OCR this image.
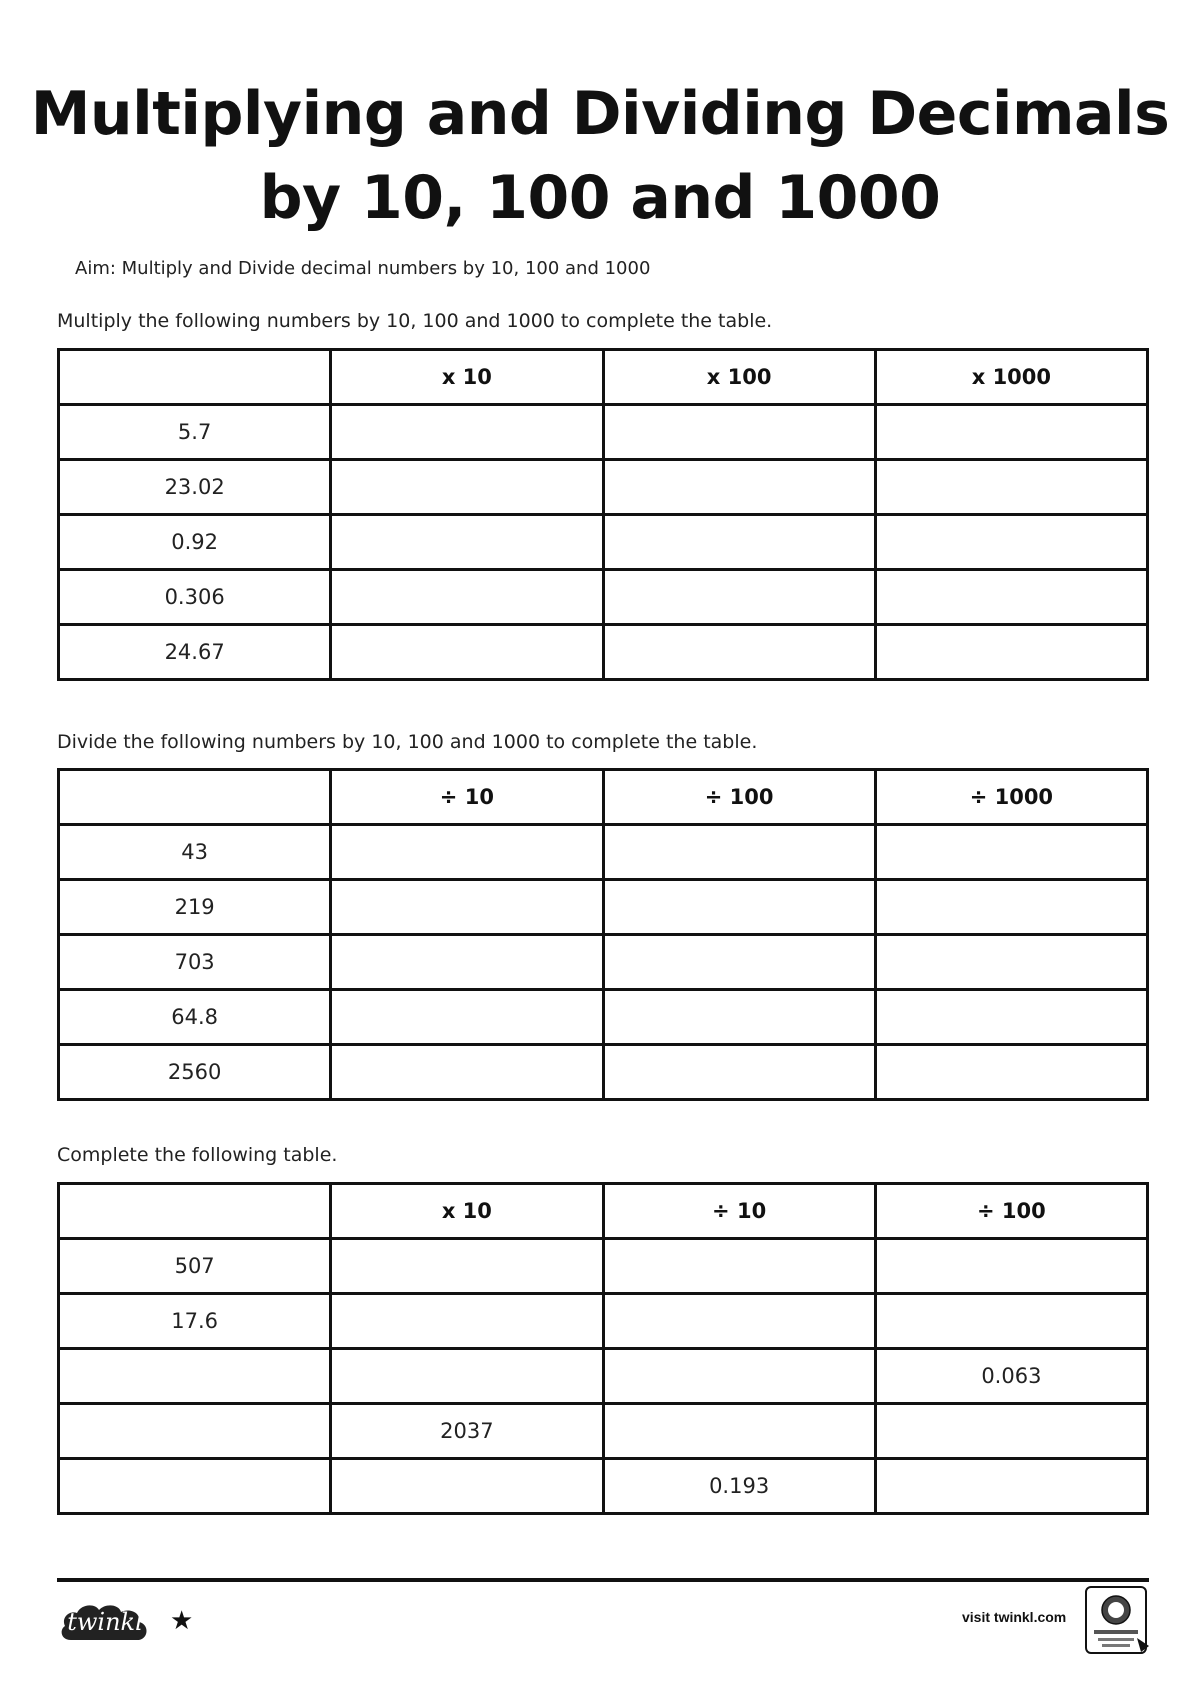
Multiplying and Dividing Decimals
by 10, 100 and 1000
Aim: Multiply and Divide decimal numbers by 10, 100 and 1000
Multiply the following numbers by 10, 100 and 1000 to complete the table.
	x 10	x 100	x 1000
5.7			
23.02			
0.92			
0.306			
24.67			
Divide the following numbers by 10, 100 and 1000 to complete the table.
	÷ 10	÷ 100	÷ 1000
43			
219			
703			
64.8			
2560			
Complete the following table.
	x 10	÷ 10	÷ 100
507			
17.6			
			0.063
	2037		
		0.193	
twinkl	★	visit twinkl.com
